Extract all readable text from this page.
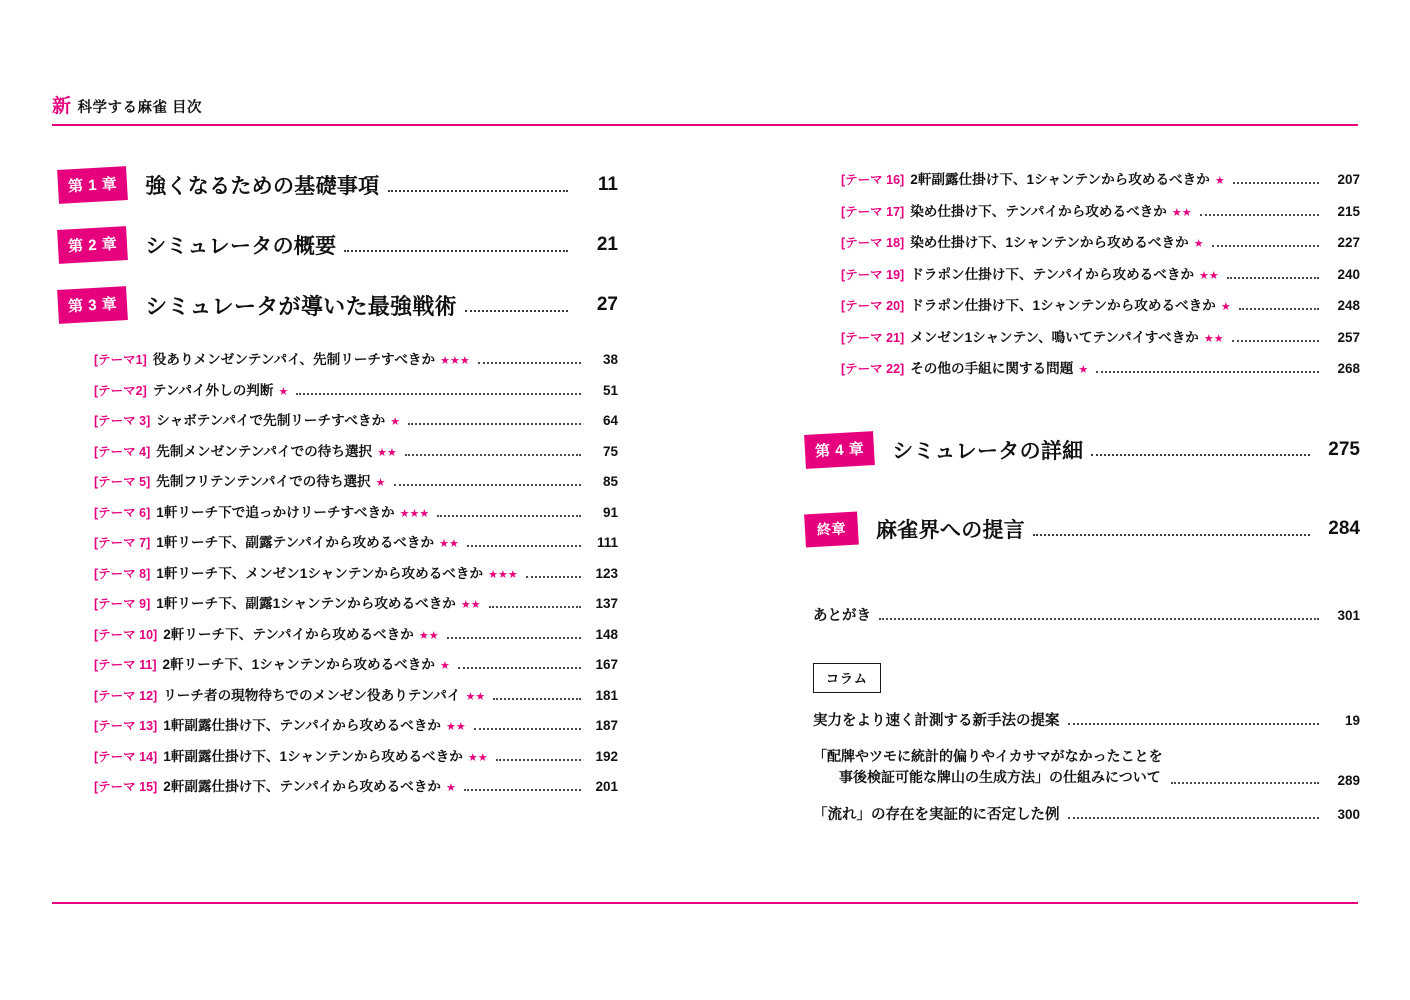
新 科学する麻雀 目次
第 1 章	強くなるための基礎事項	11
第 2 章	シミュレータの概要	21
第 3 章	シミュレータが導いた最強戦術	27
[テーマ1] 役ありメンゼンテンパイ、先制リーチすべきか ★★★	38
[テーマ2] テンパイ外しの判断 ★	51
[テーマ 3] シャボテンパイで先制リーチすべきか ★	64
[テーマ 4] 先制メンゼンテンパイでの待ち選択 ★★	75
[テーマ 5] 先制フリテンテンパイでの待ち選択 ★	85
[テーマ 6] 1軒リーチ下で追っかけリーチすべきか ★★★	91
[テーマ 7] 1軒リーチ下、副露テンパイから攻めるべきか ★★	111
[テーマ 8] 1軒リーチ下、メンゼン1シャンテンから攻めるべきか ★★★	123
[テーマ 9] 1軒リーチ下、副露1シャンテンから攻めるべきか ★★	137
[テーマ 10] 2軒リーチ下、テンパイから攻めるべきか ★★	148
[テーマ 11] 2軒リーチ下、1シャンテンから攻めるべきか ★	167
[テーマ 12] リーチ者の現物待ちでのメンゼン役ありテンパイ ★★	181
[テーマ 13] 1軒副露仕掛け下、テンパイから攻めるべきか ★★	187
[テーマ 14] 1軒副露仕掛け下、1シャンテンから攻めるべきか ★★	192
[テーマ 15] 2軒副露仕掛け下、テンパイから攻めるべきか ★	201
[テーマ 16] 2軒副露仕掛け下、1シャンテンから攻めるべきか ★	207
[テーマ 17] 染め仕掛け下、テンパイから攻めるべきか ★★	215
[テーマ 18] 染め仕掛け下、1シャンテンから攻めるべきか ★	227
[テーマ 19] ドラポン仕掛け下、テンパイから攻めるべきか ★★	240
[テーマ 20] ドラポン仕掛け下、1シャンテンから攻めるべきか ★	248
[テーマ 21] メンゼン1シャンテン、鳴いてテンパイすべきか ★★	257
[テーマ 22] その他の手組に関する問題 ★	268
第 4 章	シミュレータの詳細	275
終章	麻雀界への提言	284
あとがき	301
コラム
実力をより速く計測する新手法の提案	19
「配牌やツモに統計的偏りやイカサマがなかったことを
事後検証可能な牌山の生成方法」の仕組みについて	289
「流れ」の存在を実証的に否定した例	300
